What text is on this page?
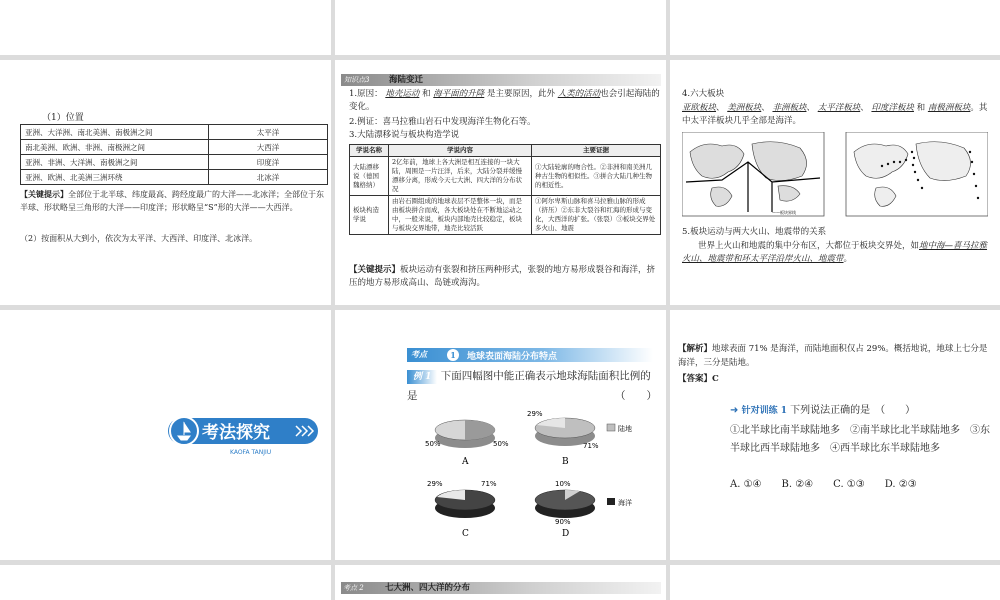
（1）位置
亚洲、大洋洲、南北美洲、南极洲之间	太平洋
南北美洲、欧洲、非洲、南极洲之间	大西洋
亚洲、非洲、大洋洲、南极洲之间	印度洋
亚洲、欧洲、北美洲三洲环绕	北冰洋
【关键提示】全部位于北半球、纬度最高、跨经度最广的大洋——北冰洋；全部位于东半球、形状略呈三角形的大洋——印度洋；形状略呈“S”形的大洋——大西洋。
（2）按面积从大到小，依次为太平洋、大西洋、印度洋、北冰洋。
知识点3	海陆变迁
1.原因： 地壳运动 和 海平面的升降 是主要原因，此外 人类的活动也会引起海陆的变化。
2.例证：喜马拉雅山岩石中发现海洋生物化石等。
3.大陆漂移说与板块构造学说
学说名称	学说内容	主要证据
大陆漂移说（德国魏格纳）	2亿年前，地球上各大洲是相互连接的一块大陆，周围是一片汪洋，后来，大陆分裂并缓慢漂移分离，形成今天七大洲、四大洋的分布状况	①大陆轮廓的吻合性。②非洲和南美洲几种古生物的相似性。③拼合大陆几种生物的相近性。
板块构造学说	由岩石圈组成的地球表层不是整体一块，而是由板块拼合而成，各大板块处在不断地运动之中，一般来说，板块内部地壳比较稳定，板块与板块交界地带，地壳比较活跃	①阿尔卑斯山脉和喜马拉雅山脉的形成（挤压）②东非大裂谷和红海的形成与变化，大西洋的扩张。（张裂）③板块交界处多火山、地震
【关键提示】板块运动有张裂和挤压两种形式，张裂的地方易形成裂谷和海洋，挤压的地方易形成高山、岛链或海沟。
4.六大板块
亚欧板块、 美洲板块、 非洲板块、 太平洋板块、 印度洋板块 和 南极洲板块。其中太平洋板块几乎全部是海洋。
——板块界线
5.板块运动与两大火山、地震带的关系
世界上火山和地震的集中分布区，大都位于板块交界处，如地中海—喜马拉雅火山、地震带和环太平洋沿岸火山、地震带。
考法探究
KAOFA TANJIU
考点	1	地球表面海陆分布特点
例 1 下面四幅图中能正确表示地球海陆面积比例的是	（　　）
50%	50%
A
29%
71%
B
陆地
29%	71%
C
10%
90%
D
海洋
【解析】地球表面 71% 是海洋，而陆地面积仅占 29%。概括地说，地球上七分是海洋，三分是陆地。
【答案】C
➜ 针对训练 1 下列说法正确的是　（　　）
①北半球比南半球陆地多　②南半球比北半球陆地多　③东半球比西半球陆地多　④西半球比东半球陆地多
A. ①④　　B. ②④　　C. ①③　　D. ②③
考点 2	七大洲、四大洋的分布
